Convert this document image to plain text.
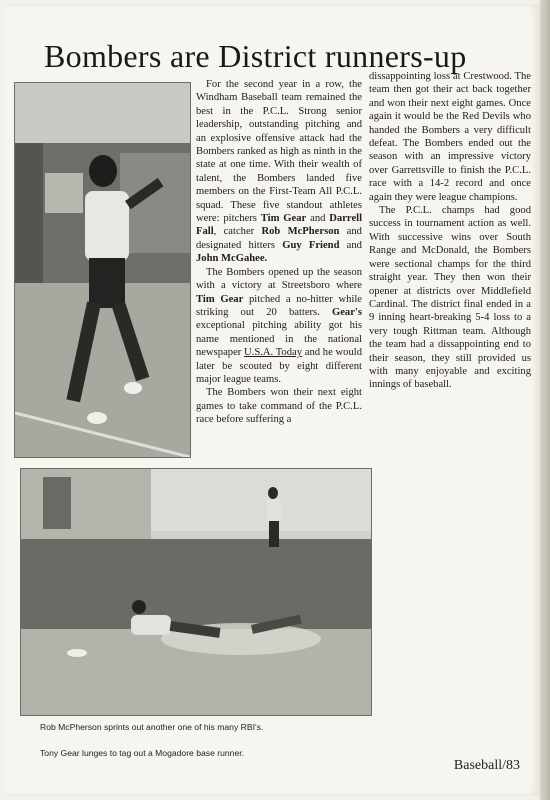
Bombers are District runners-up

For the second year in a row, the Windham Baseball team remained the best in the P.C.L. Strong senior leadership, outstanding pitching and an explosive offensive attack had the Bombers ranked as high as ninth in the state at one time. With their wealth of talent, the Bombers landed five members on the First-Team All P.C.L. squad. These five standout athletes were: pitchers Tim Gear and Darrell Fall, catcher Rob McPherson and designated hitters Guy Friend and John McGahee.

The Bombers opened up the season with a victory at Streetsboro where Tim Gear pitched a no-hitter while striking out 20 batters. Gear's exceptional pitching ability got his name mentioned in the national newspaper U.S.A. Today and he would later be scouted by eight different major league teams.

The Bombers won their next eight games to take command of the P.C.L. race before suffering a

dissappointing loss at Crestwood. The team then got their act back together and won their next eight games. Once again it would be the Red Devils who handed the Bombers a very difficult defeat. The Bombers ended out the season with an impressive victory over Garrettsville to finish the P.C.L. race with a 14-2 record and once again they were league champions.

The P.C.L. champs had good success in tournament action as well. With successive wins over South Range and McDonald, the Bombers were sectional champs for the third straight year. They then won their opener at districts over Middlefield Cardinal. The district final ended in a 9 inning heart-breaking 5-4 loss to a very tough Rittman team. Although the team had a dissappointing end to their season, they still provided us with many enjoyable and exciting innings of baseball.

Rob McPherson sprints out another one of his many RBI's.
Tony Gear lunges to tag out a Mogadore base runner.
Baseball/83
